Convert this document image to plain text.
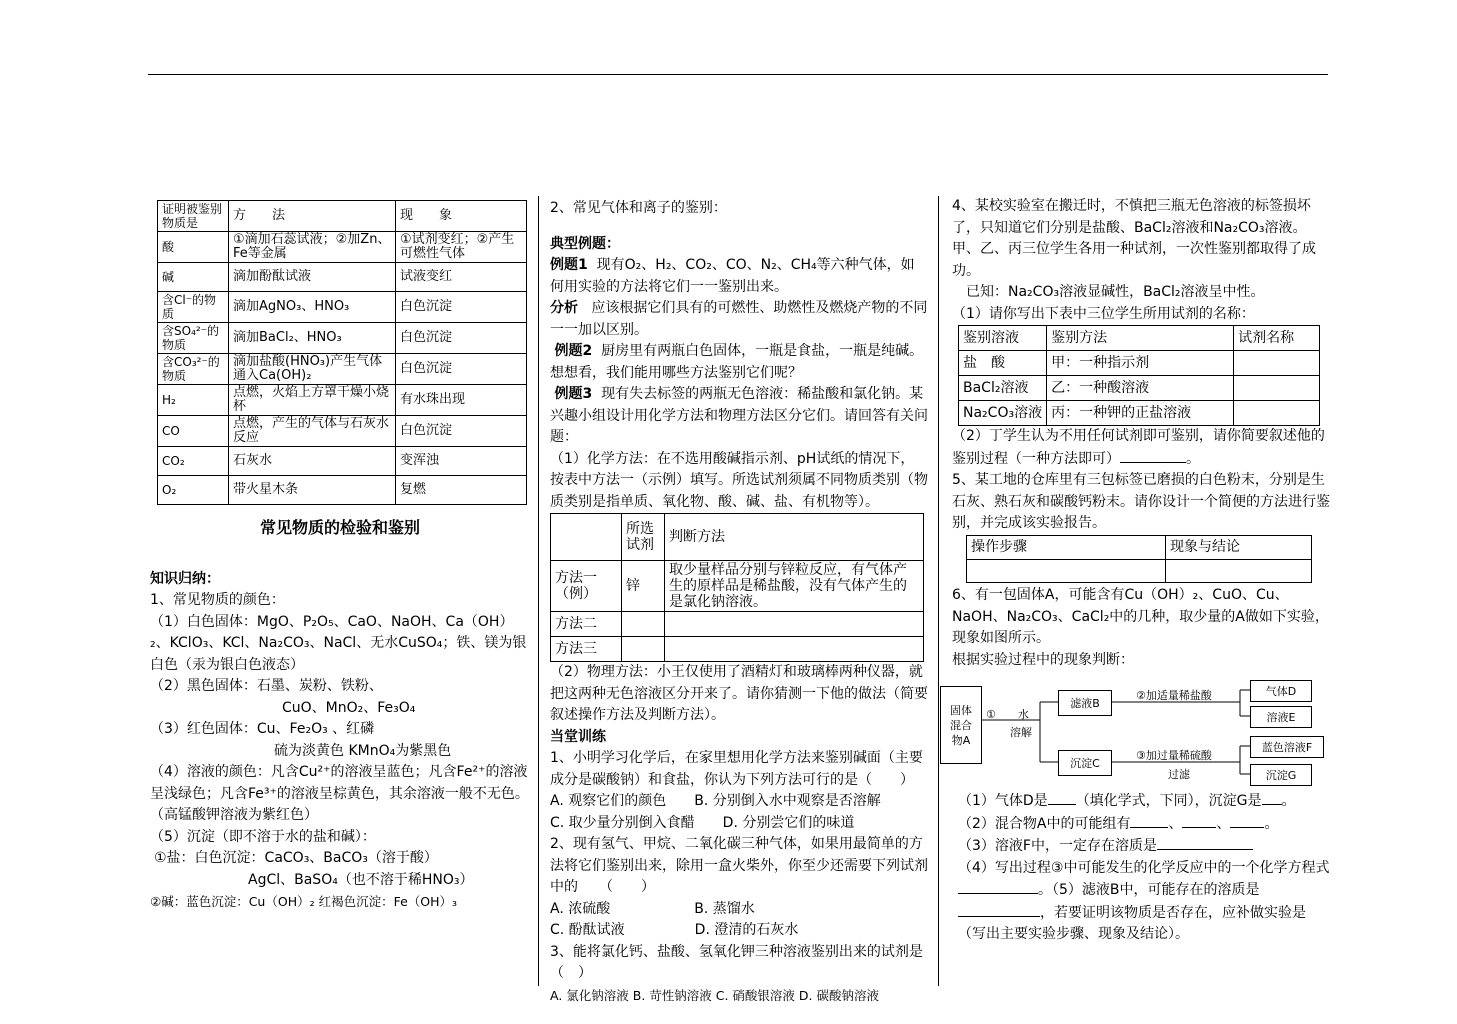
证明被鉴别物质是	方　　法	现　　象
酸	①滴加石蕊试液；②加Zn、Fe等金属	①试剂变红；②产生可燃性气体
碱	滴加酚酞试液	试液变红
含Cl⁻的物质	滴加AgNO₃、HNO₃	白色沉淀
含SO₄²⁻的物质	滴加BaCl₂、HNO₃	白色沉淀
含CO₃²⁻的物质	滴加盐酸(HNO₃)产生气体通入Ca(OH)₂	白色沉淀
H₂	点燃，火焰上方罩干燥小烧杯	有水珠出现
CO	点燃，产生的气体与石灰水反应	白色沉淀
CO₂	石灰水	变浑浊
O₂	带火星木条	复燃
常见物质的检验和鉴别

知识归纳：

1、常见物质的颜色：

（1）白色固体：MgO、P₂O₅、CaO、NaOH、Ca（OH）₂、KClO₃、KCl、Na₂CO₃、NaCl、无水CuSO₄；铁、镁为银白色（汞为银白色液态）

（2）黑色固体：石墨、炭粉、铁粉、

CuO、MnO₂、Fe₃O₄

（3）红色固体：Cu、Fe₂O₃ 、红磷

硫为淡黄色 KMnO₄为紫黑色

（4）溶液的颜色：凡含Cu²⁺的溶液呈蓝色；凡含Fe²⁺的溶液呈浅绿色；凡含Fe³⁺的溶液呈棕黄色，其余溶液一般不无色。（高锰酸钾溶液为紫红色）

（5）沉淀（即不溶于水的盐和碱）：

①盐：白色沉淀：CaCO₃、BaCO₃（溶于酸）

AgCl、BaSO₄（也不溶于稀HNO₃）

②碱：蓝色沉淀：Cu（OH）₂ 红褐色沉淀：Fe（OH）₃

2、常见气体和离子的鉴别：

典型例题：

例题1 现有O₂、H₂、CO₂、CO、N₂、CH₄等六种气体，如何用实验的方法将它们一一鉴别出来。

分析 应该根据它们具有的可燃性、助燃性及燃烧产物的不同一一加以区别。

例题2 厨房里有两瓶白色固体，一瓶是食盐，一瓶是纯碱。想想看，我们能用哪些方法鉴别它们呢？

例题3 现有失去标签的两瓶无色溶液：稀盐酸和氯化钠。某兴趣小组设计用化学方法和物理方法区分它们。请回答有关问题：

（1）化学方法：在不选用酸碱指示剂、pH试纸的情况下，按表中方法一（示例）填写。所选试剂须属不同物质类别（物质类别是指单质、氧化物、酸、碱、盐、有机物等）。

	所选试剂	判断方法
方法一（例）	锌	取少量样品分别与锌粒反应，有气体产生的原样品是稀盐酸，没有气体产生的是氯化钠溶液。
方法二		
方法三		

（2）物理方法：小王仅使用了酒精灯和玻璃棒两种仪器，就把这两种无色溶液区分开来了。请你猜测一下他的做法（简要叙述操作方法及判断方法）。

当堂训练

1、小明学习化学后，在家里想用化学方法来鉴别碱面（主要成分是碳酸钠）和食盐，你认为下列方法可行的是（　　）

A. 观察它们的颜色　　B. 分别倒入水中观察是否溶解

C. 取少量分别倒入食醋　　D. 分别尝它们的味道

2、现有氢气、甲烷、二氧化碳三种气体，如果用最简单的方法将它们鉴别出来，除用一盒火柴外，你至少还需要下列试剂中的　　（　　）

A. 浓硫酸　　　　　　B. 蒸馏水

C. 酚酞试液　　　　　D. 澄清的石灰水

3、能将氯化钙、盐酸、氢氧化钾三种溶液鉴别出来的试剂是（　）

A. 氯化钠溶液 B. 苛性钠溶液 C. 硝酸银溶液 D. 碳酸钠溶液

4、某校实验室在搬迁时，不慎把三瓶无色溶液的标签损坏了，只知道它们分别是盐酸、BaCl₂溶液和Na₂CO₃溶液。甲、乙、丙三位学生各用一种试剂，一次性鉴别都取得了成功。

已知：Na₂CO₃溶液显碱性，BaCl₂溶液呈中性。

（1）请你写出下表中三位学生所用试剂的名称：

鉴别溶液	鉴别方法	试剂名称
盐　酸	甲：一种指示剂	
BaCl₂溶液	乙：一种酸溶液	
Na₂CO₃溶液	丙：一种钾的正盐溶液	

（2）丁学生认为不用任何试剂即可鉴别，请你简要叙述他的鉴别过程（一种方法即可）	。

5、某工地的仓库里有三包标签已磨损的白色粉末，分别是生石灰、熟石灰和碳酸钙粉末。请你设计一个简便的方法进行鉴别，并完成该实验报告。

操作步骤	现象与结论

6、有一包固体A，可能含有Cu（OH）₂、CuO、Cu、NaOH、Na₂CO₃、CaCl₂中的几种，取少量的A做如下实验，现象如图所示。

根据实验过程中的现象判断：

固体混合物A
滤液B
沉淀C
气体D
溶液E
蓝色溶液F
沉淀G
①　　水
溶解
②加适量稀盐酸
③加过量稀硫酸
过滤

（1）气体D是 （填化学式，下同），沉淀G是 。

（2）混合物A中的可能组有	、 、 。

（3）溶液F中，一定存在溶质是

（4）写出过程③中可能发生的化学反应中的一个化学方程式。（5）滤液B中，可能存在的溶质是，若要证明该物质是否存在，应补做实验是（写出主要实验步骤、现象及结论）。
